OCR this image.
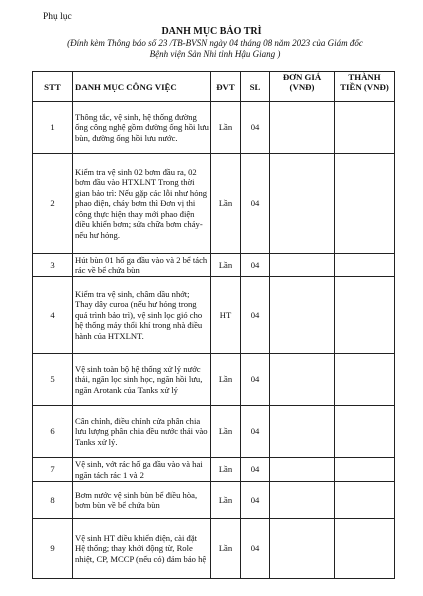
Phụ lục
DANH MỤC BẢO TRÌ
(Đính kèm Thông báo số 23 /TB-BVSN ngày 04 tháng 08 năm 2023 của Giám đốc
Bệnh viện Sản Nhi tỉnh Hậu Giang )
STT	DANH MỤC CÔNG VIỆC	ĐVT	SL	ĐƠN GIÁ (VNĐ)	THÀNH TIỀN (VNĐ)
1	Thông tắc, vệ sinh, hệ thống đường ống công nghệ gồm đường ống hồi lưu bùn, đường ống hồi lưu nước.	Lần	04		
2	Kiểm tra vệ sinh 02 bơm đầu ra, 02 bơm đầu vào HTXLNT Trong thời gian bảo trì: Nếu gặp các lỗi như hỏng phao điện, cháy bơm thì Đơn vị thi công thực hiện thay mới phao điện điều khiển bơm; sửa chữa bơm cháy-nếu hư hỏng.	Lần	04		
3	Hút bùn 01 hố ga đầu vào và 2 bể tách rác về bể chứa bùn	Lần	04		
4	Kiểm tra vệ sinh, châm dầu nhớt; Thay dây curoa (nếu hư hỏng trong quá trình bảo trì), vệ sinh lọc gió cho hệ thống máy thổi khí trong nhà điều hành của HTXLNT.	HT	04		
5	Vệ sinh toàn bộ hệ thống xử lý nước thải, ngăn lọc sinh học, ngăn hồi lưu, ngăn Arotank của Tanks xử lý	Lần	04		
6	Cân chỉnh, điều chỉnh cửa phân chia lưu lượng phân chia đều nước thải vào Tanks xử lý.	Lần	04		
7	Vệ sinh, vớt rác hố ga đầu vào và hai ngăn tách rác 1 và 2	Lần	04		
8	Bơm nước vệ sinh bùn bể điều hòa, bơm bùn về bể chứa bùn	Lần	04		
9	Vệ sinh HT điều khiển điện, cài đặt Hệ thống; thay khởi động từ, Role nhiệt, CP, MCCP (nếu có) đảm bảo hệ	Lần	04		
